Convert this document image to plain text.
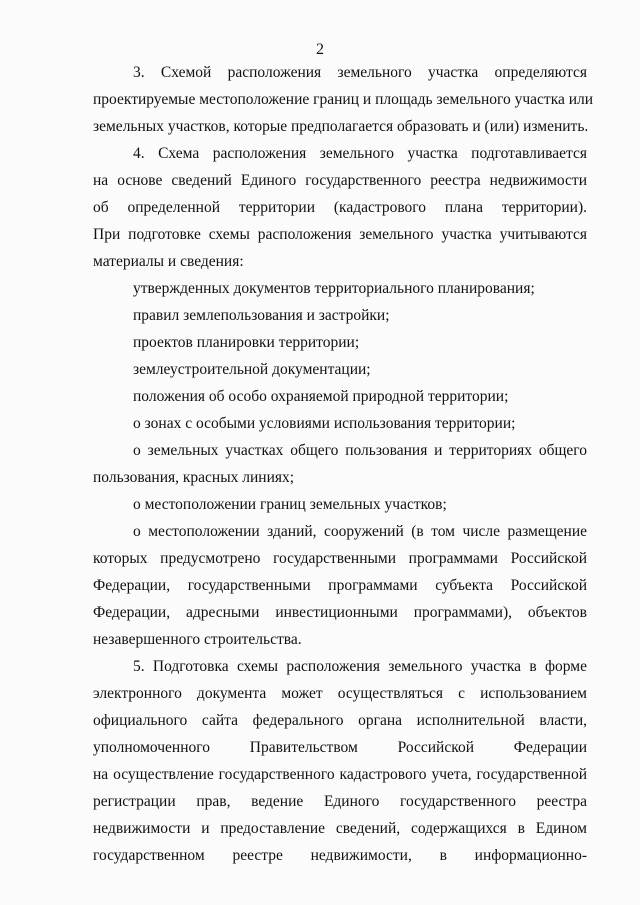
2
3. Схемой расположения земельного участка определяются
проектируемые местоположение границ и площадь земельного участка или
земельных участков, которые предполагается образовать и (или) изменить.
4. Схема расположения земельного участка подготавливается
на основе сведений Единого государственного реестра недвижимости
об определенной территории (кадастрового плана территории).
При подготовке схемы расположения земельного участка учитываются
материалы и сведения:
утвержденных документов территориального планирования;
правил землепользования и застройки;
проектов планировки территории;
землеустроительной документации;
положения об особо охраняемой природной территории;
о зонах с особыми условиями использования территории;
о земельных участках общего пользования и территориях общего
пользования, красных линиях;
о местоположении границ земельных участков;
о местоположении зданий, сооружений (в том числе размещение
которых предусмотрено государственными программами Российской
Федерации, государственными программами субъекта Российской
Федерации, адресными инвестиционными программами), объектов
незавершенного строительства.
5. Подготовка схемы расположения земельного участка в форме
электронного документа может осуществляться с использованием
официального сайта федерального органа исполнительной власти,
уполномоченного Правительством Российской Федерации
на осуществление государственного кадастрового учета, государственной
регистрации прав, ведение Единого государственного реестра
недвижимости и предоставление сведений, содержащихся в Едином
государственном реестре недвижимости, в информационно-
